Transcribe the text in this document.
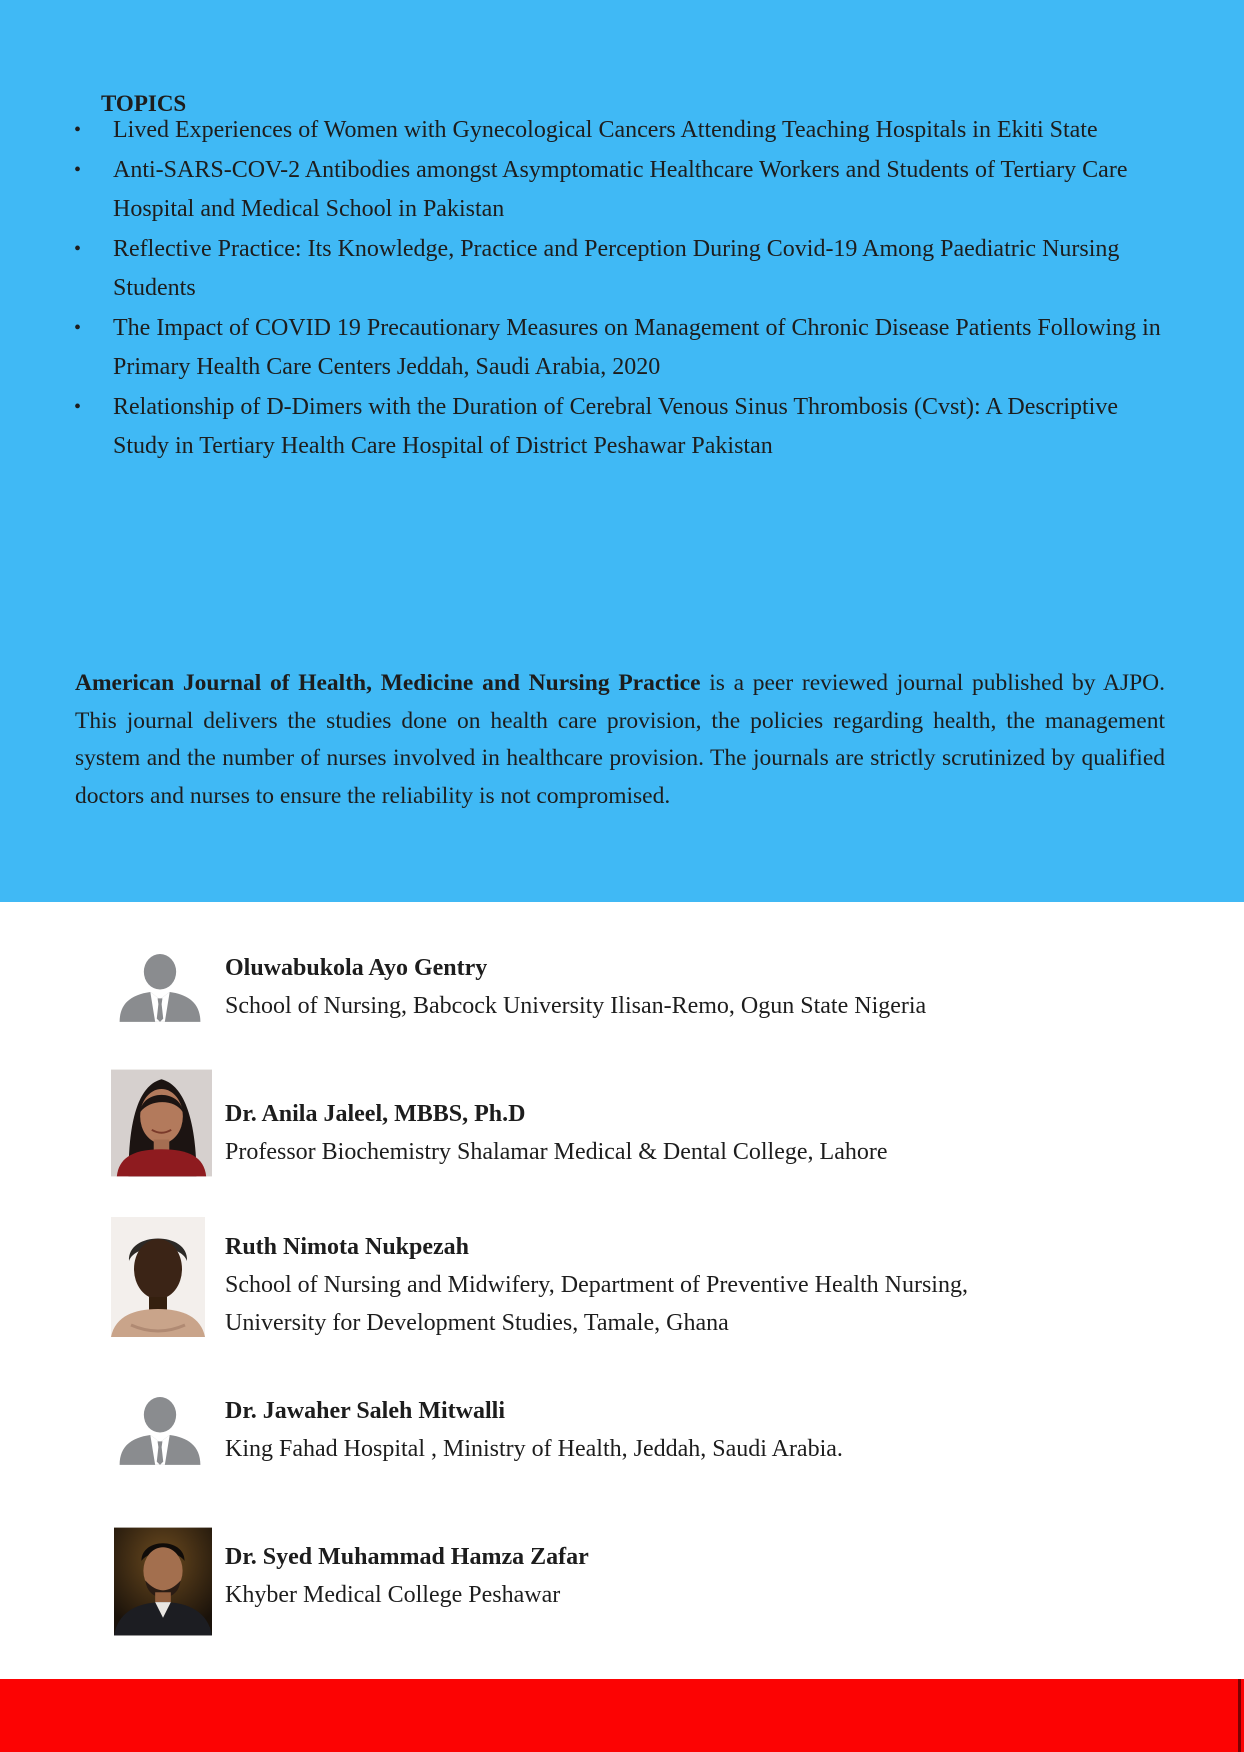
TOPICS
• Lived Experiences of Women with Gynecological Cancers Attending Teaching Hospitals in Ekiti State
• Anti-SARS-COV-2 Antibodies amongst Asymptomatic Healthcare Workers and Students of Tertiary Care Hospital and Medical School in Pakistan
• Reflective Practice: Its Knowledge, Practice and Perception During Covid-19 Among Paediatric Nursing Students
• The Impact of COVID 19 Precautionary Measures on Management of Chronic Disease Patients Following in Primary Health Care Centers Jeddah, Saudi Arabia, 2020
• Relationship of D-Dimers with the Duration of Cerebral Venous Sinus Thrombosis (Cvst): A Descriptive Study in Tertiary Health Care Hospital of District Peshawar Pakistan

American Journal of Health, Medicine and Nursing Practice is a peer reviewed journal published by AJPO. This journal delivers the studies done on health care provision, the policies regarding health, the management system and the number of nurses involved in healthcare provision. The journals are strictly scrutinized by qualified doctors and nurses to ensure the reliability is not compromised.

Oluwabukola Ayo Gentry
School of Nursing, Babcock University Ilisan-Remo, Ogun State Nigeria
Dr. Anila Jaleel, MBBS, Ph.D
Professor Biochemistry Shalamar Medical & Dental College, Lahore
Ruth Nimota Nukpezah
School of Nursing and Midwifery, Department of Preventive Health Nursing,
University for Development Studies, Tamale, Ghana
Dr. Jawaher Saleh Mitwalli
King Fahad Hospital , Ministry of Health, Jeddah, Saudi Arabia.
Dr. Syed Muhammad Hamza Zafar
Khyber Medical College Peshawar
